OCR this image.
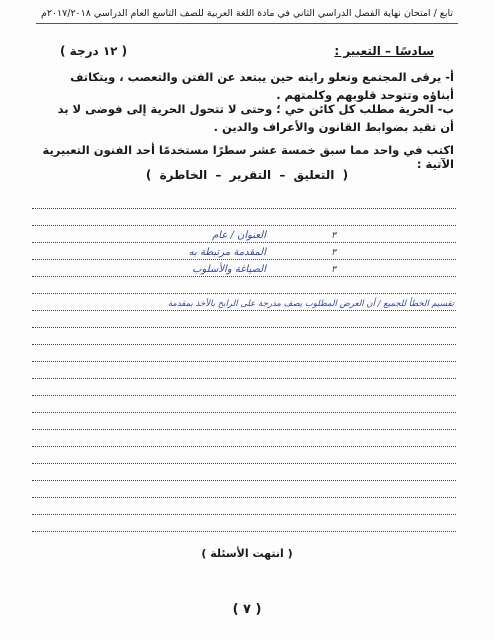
تابع / امتحان نهاية الفصل الدراسي الثاني في مادة اللغة العربية للصف التاسع العام الدراسي ٢٠١٧/٢٠١٨م
سادسًا – التعبير :
( ١٢ درجة )
أ- يرقى المجتمع وتعلو رايته حين يبتعد عن الفتن والتعصب ، ويتكاتف أبناؤه وتتوحد قلوبهم وكلمتهم .
ب- الحرية مطلب كل كائن حي ؛ وحتى لا تتحول الحرية إلى فوضى لا بد أن تقيد بضوابط القانون والأعراف والدين .
اكتب في واحد مما سبق خمسة عشر سطرًا مستخدمًا أحد الفنون التعبيرية الآتية :
( التعليق – التقرير – الخاطرة )
العنوان / عام	٣
المقدمة مرتبطة به	٣
الصياغة والأسلوب	٣
تقسيم الخطأ للجميع / أن العرض المطلوب يصف مدرجة على الرابح بالأخذ بمقدمة
( انتهت الأسئلة )
( ٧ )
